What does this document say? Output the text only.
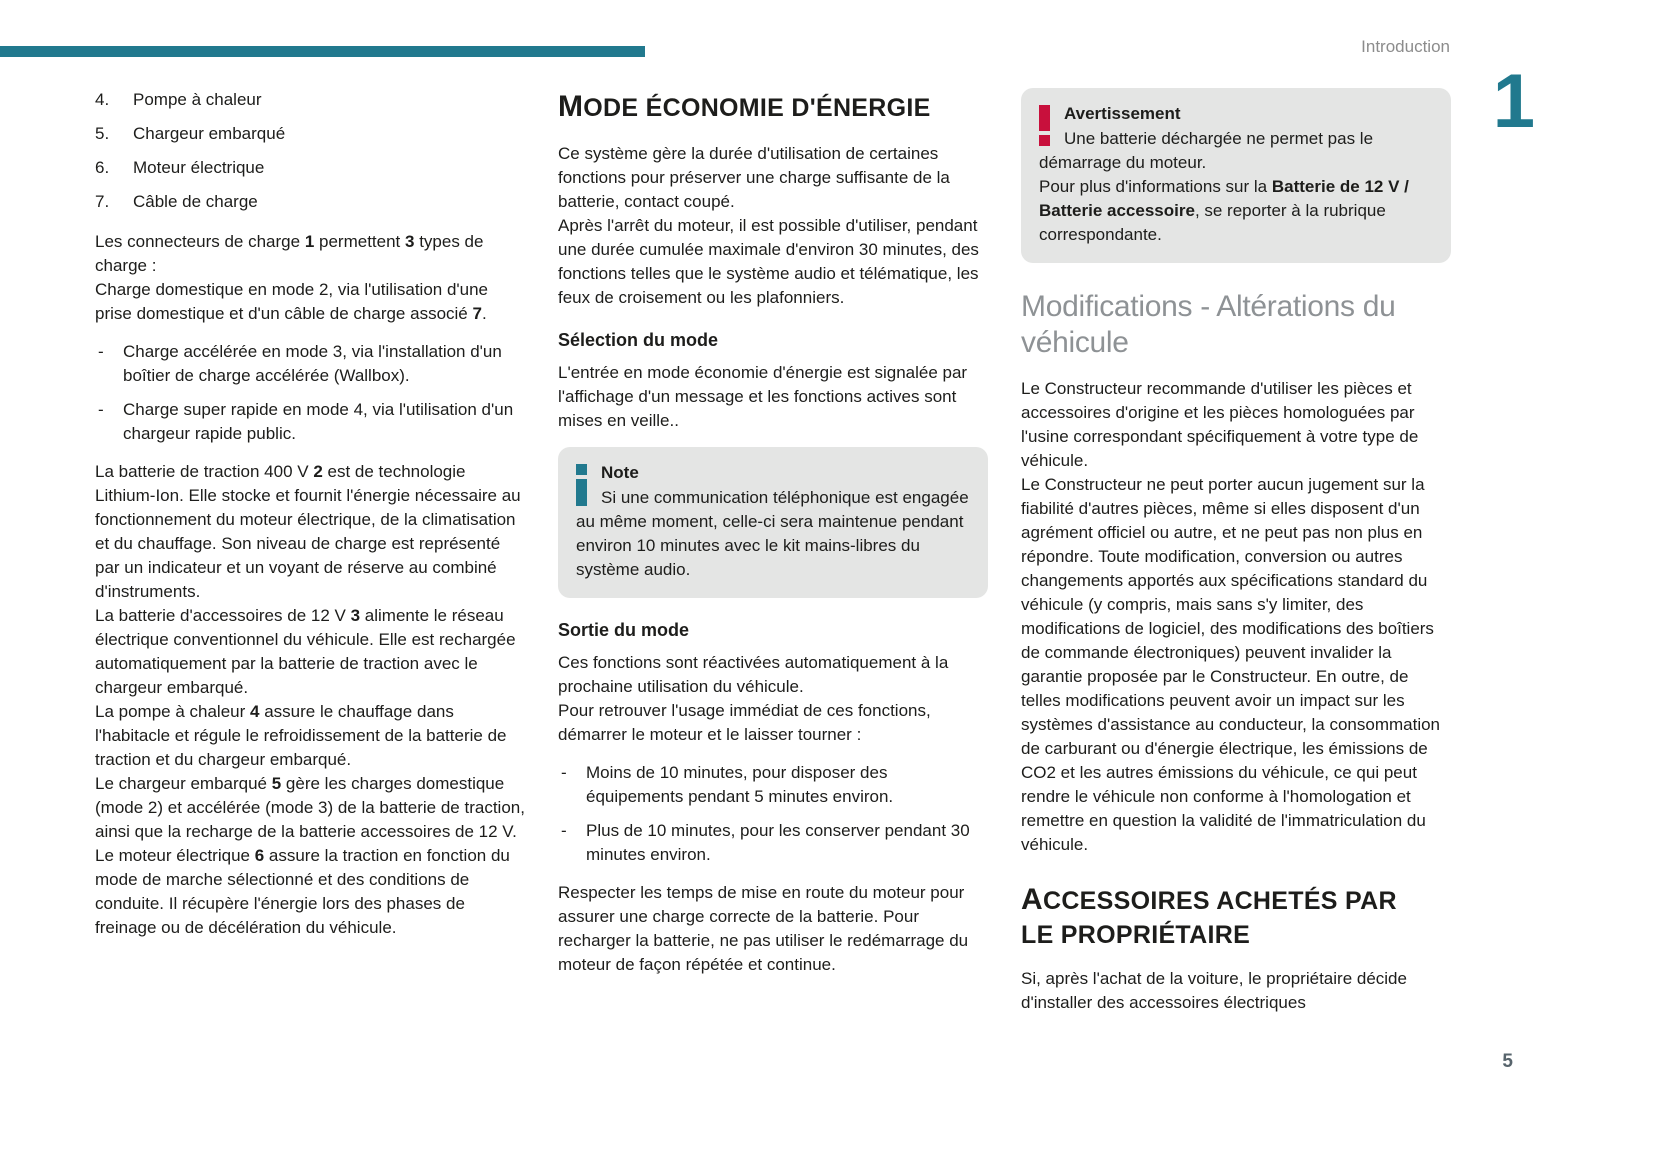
Introduction
1
4.	Pompe à chaleur
5.	Chargeur embarqué
6.	Moteur électrique
7.	Câble de charge

Les connecteurs de charge 1 permettent 3 types de charge :
Charge domestique en mode 2, via l'utilisation d'une prise domestique et d'un câble de charge associé 7.

-	Charge accélérée en mode 3, via l'installation d'un boîtier de charge accélérée (Wallbox).
-	Charge super rapide en mode 4, via l'utilisation d'un chargeur rapide public.

La batterie de traction 400 V 2 est de technologie Lithium-Ion. Elle stocke et fournit l'énergie nécessaire au fonctionnement du moteur électrique, de la climatisation et du chauffage. Son niveau de charge est représenté par un indicateur et un voyant de réserve au combiné d'instruments.
La batterie d'accessoires de 12 V 3 alimente le réseau électrique conventionnel du véhicule. Elle est rechargée automatiquement par la batterie de traction avec le chargeur embarqué.
La pompe à chaleur 4 assure le chauffage dans l'habitacle et régule le refroidissement de la batterie de traction et du chargeur embarqué.
Le chargeur embarqué 5 gère les charges domestique (mode 2) et accélérée (mode 3) de la batterie de traction, ainsi que la recharge de la batterie accessoires de 12 V.
Le moteur électrique 6 assure la traction en fonction du mode de marche sélectionné et des conditions de conduite. Il récupère l'énergie lors des phases de freinage ou de décélération du véhicule.

MODE ÉCONOMIE D'ÉNERGIE

Ce système gère la durée d'utilisation de certaines fonctions pour préserver une charge suffisante de la batterie, contact coupé.
Après l'arrêt du moteur, il est possible d'utiliser, pendant une durée cumulée maximale d'environ 30 minutes, des fonctions telles que le système audio et télématique, les feux de croisement ou les plafonniers.

Sélection du mode

L'entrée en mode économie d'énergie est signalée par l'affichage d'un message et les fonctions actives sont mises en veille..

Note
Si une communication téléphonique est engagée au même moment, celle-ci sera maintenue pendant environ 10 minutes avec le kit mains-libres du système audio.
Sortie du mode

Ces fonctions sont réactivées automatiquement à la prochaine utilisation du véhicule.
Pour retrouver l'usage immédiat de ces fonctions, démarrer le moteur et le laisser tourner :

-	Moins de 10 minutes, pour disposer des équipements pendant 5 minutes environ.
-	Plus de 10 minutes, pour les conserver pendant 30 minutes environ.

Respecter les temps de mise en route du moteur pour assurer une charge correcte de la batterie. Pour recharger la batterie, ne pas utiliser le redémarrage du moteur de façon répétée et continue.

Avertissement
Une batterie déchargée ne permet pas le démarrage du moteur.
Pour plus d'informations sur la Batterie de 12 V / Batterie accessoire, se reporter à la rubrique correspondante.
Modifications - Altérations du véhicule

Le Constructeur recommande d'utiliser les pièces et accessoires d'origine et les pièces homologuées par l'usine correspondant spécifiquement à votre type de véhicule.
Le Constructeur ne peut porter aucun jugement sur la fiabilité d'autres pièces, même si elles disposent d'un agrément officiel ou autre, et ne peut pas non plus en répondre. Toute modification, conversion ou autres changements apportés aux spécifications standard du véhicule (y compris, mais sans s'y limiter, des modifications de logiciel, des modifications des boîtiers de commande électroniques) peuvent invalider la garantie proposée par le Constructeur. En outre, de telles modifications peuvent avoir un impact sur les systèmes d'assistance au conducteur, la consommation de carburant ou d'énergie électrique, les émissions de CO2 et les autres émissions du véhicule, ce qui peut rendre le véhicule non conforme à l'homologation et remettre en question la validité de l'immatriculation du véhicule.

ACCESSOIRES ACHETÉS PAR
LE PROPRIÉTAIRE

Si, après l'achat de la voiture, le propriétaire décide d'installer des accessoires électriques

5
